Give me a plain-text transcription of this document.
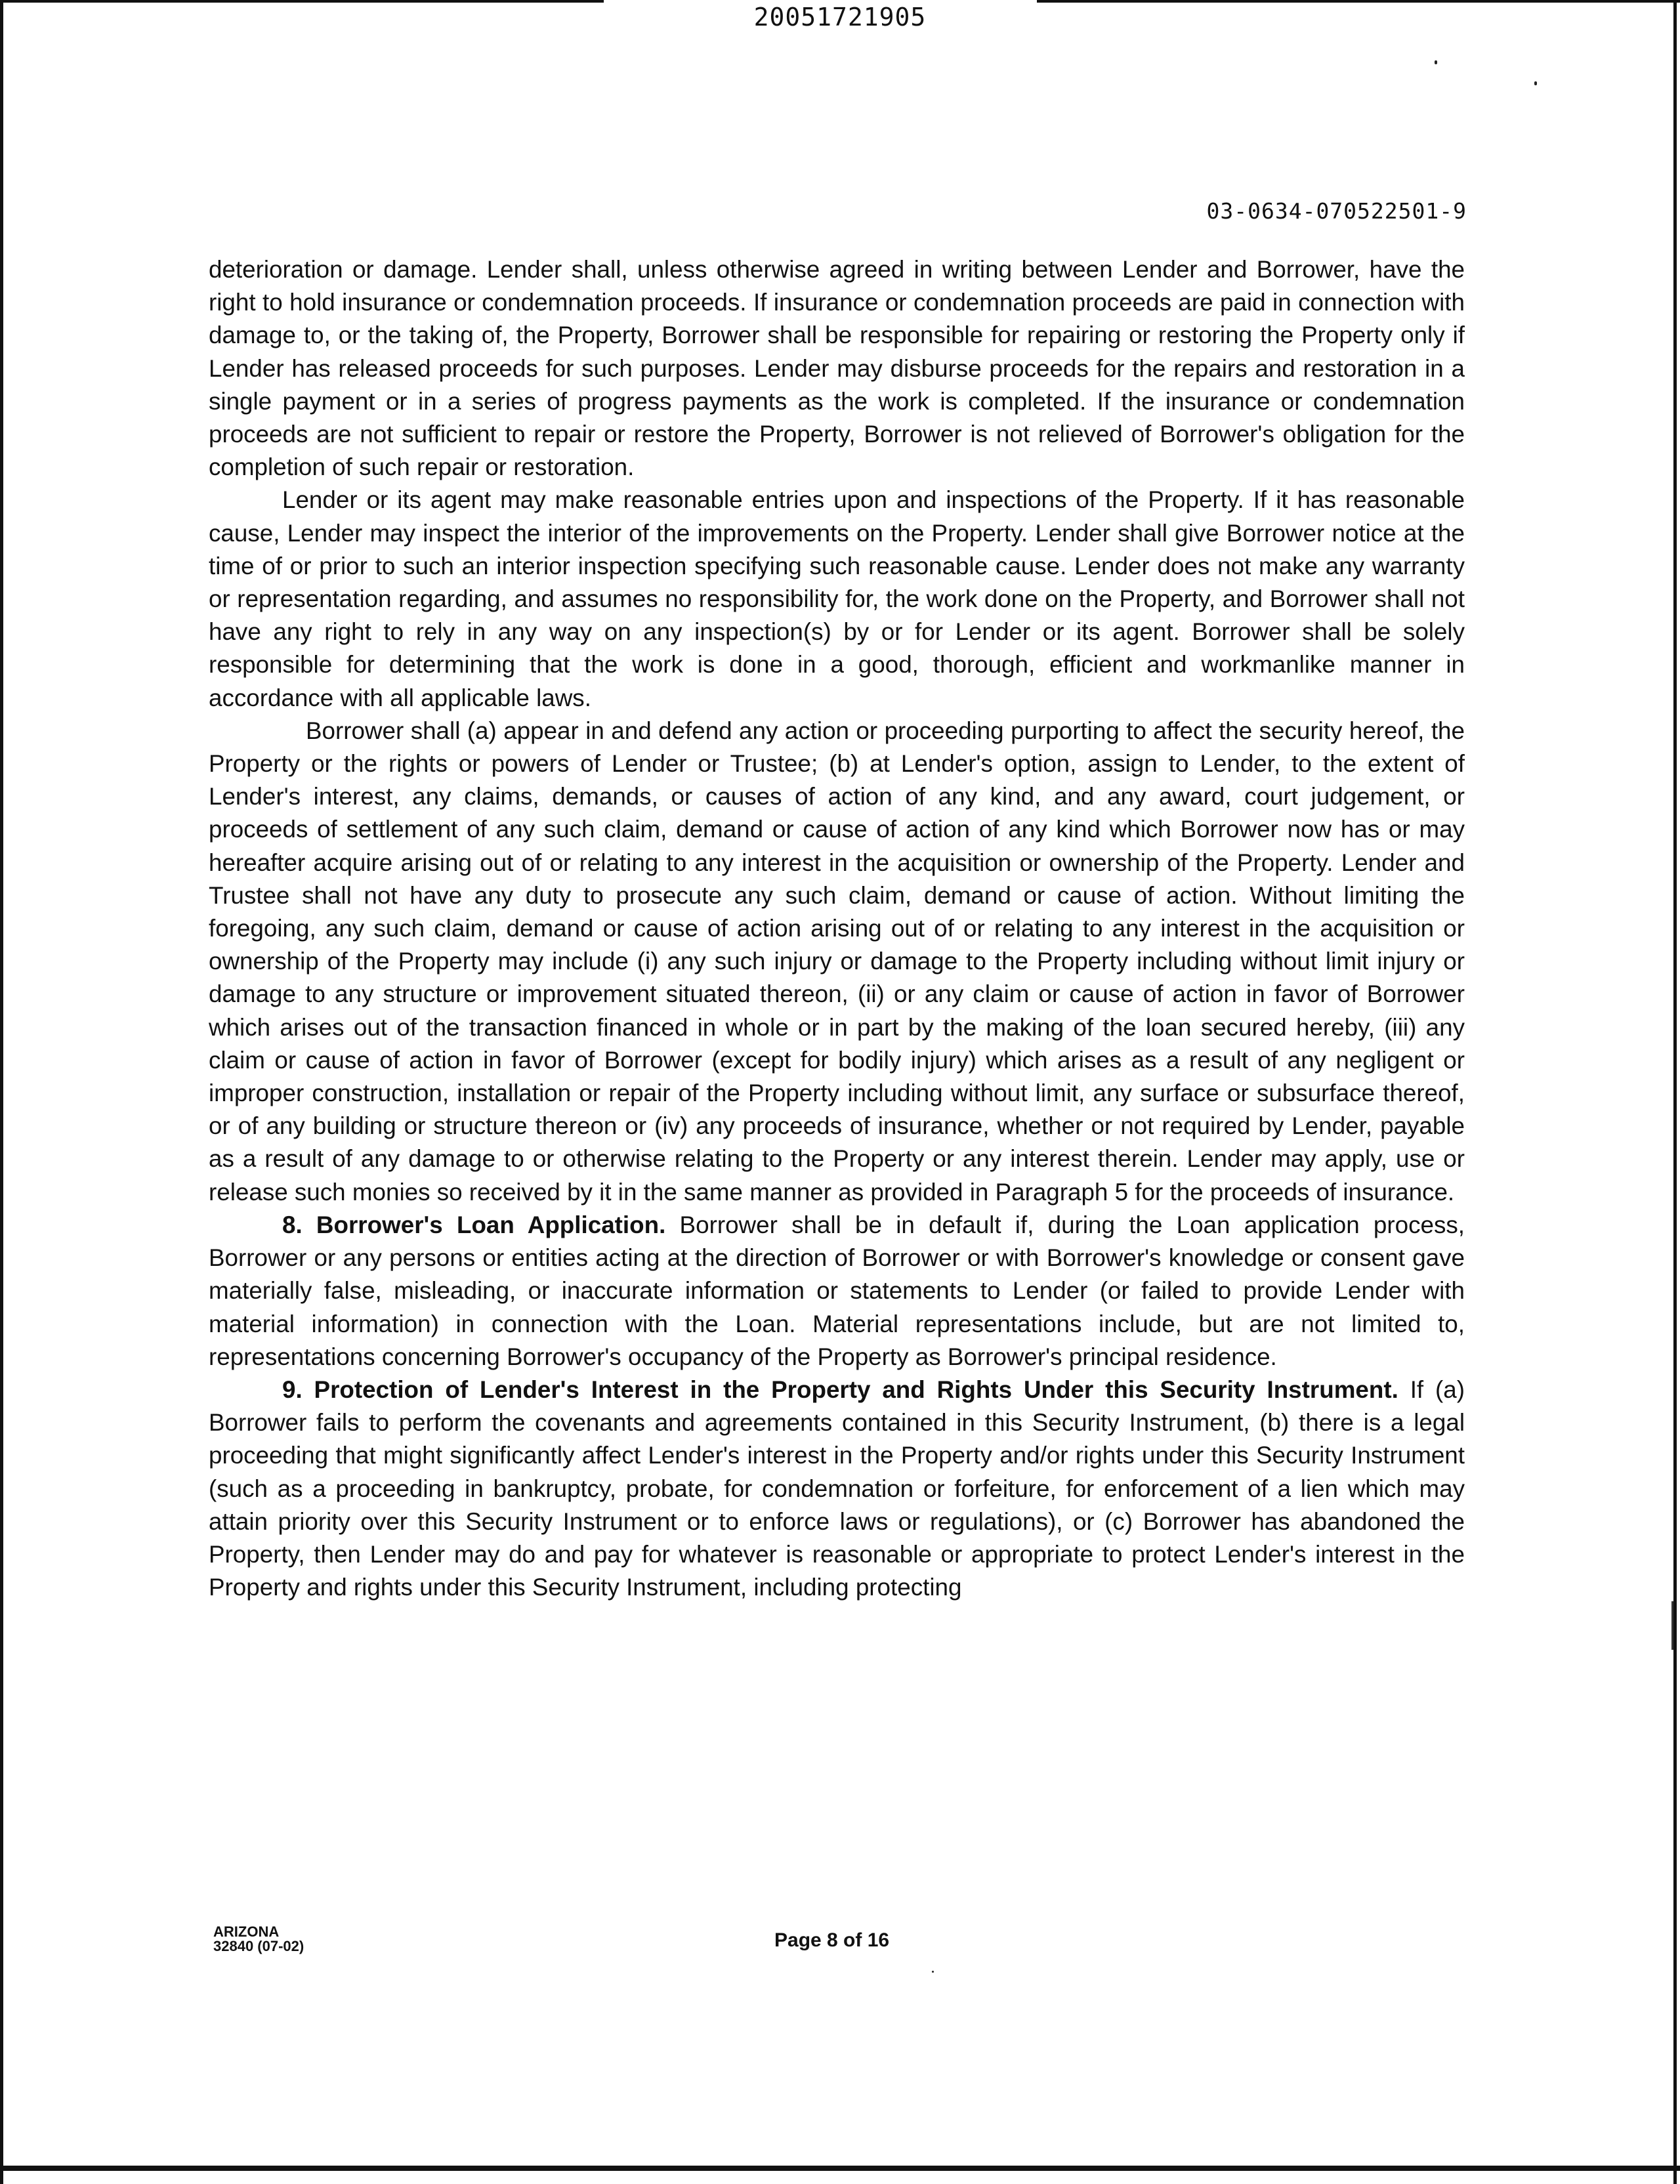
20051721905
03-0634-070522501-9

deterioration or damage. Lender shall, unless otherwise agreed in writing between Lender and Borrower, have the right to hold insurance or condemnation proceeds. If insurance or condemnation proceeds are paid in connection with damage to, or the taking of, the Property, Borrower shall be responsible for repairing or restoring the Property only if Lender has released proceeds for such purposes. Lender may disburse proceeds for the repairs and restoration in a single payment or in a series of progress payments as the work is completed. If the insurance or condemnation proceeds are not sufficient to repair or restore the Property, Borrower is not relieved of Borrower's obligation for the completion of such repair or restoration.

Lender or its agent may make reasonable entries upon and inspections of the Property. If it has reasonable cause, Lender may inspect the interior of the improvements on the Property. Lender shall give Borrower notice at the time of or prior to such an interior inspection specifying such reasonable cause. Lender does not make any warranty or representation regarding, and assumes no responsibility for, the work done on the Property, and Borrower shall not have any right to rely in any way on any inspection(s) by or for Lender or its agent. Borrower shall be solely responsible for determining that the work is done in a good, thorough, efficient and workmanlike manner in accordance with all applicable laws.

Borrower shall (a) appear in and defend any action or proceeding purporting to affect the security hereof, the Property or the rights or powers of Lender or Trustee; (b) at Lender's option, assign to Lender, to the extent of Lender's interest, any claims, demands, or causes of action of any kind, and any award, court judgement, or proceeds of settlement of any such claim, demand or cause of action of any kind which Borrower now has or may hereafter acquire arising out of or relating to any interest in the acquisition or ownership of the Property. Lender and Trustee shall not have any duty to prosecute any such claim, demand or cause of action. Without limiting the foregoing, any such claim, demand or cause of action arising out of or relating to any interest in the acquisition or ownership of the Property may include (i) any such injury or damage to the Property including without limit injury or damage to any structure or improvement situated thereon, (ii) or any claim or cause of action in favor of Borrower which arises out of the transaction financed in whole or in part by the making of the loan secured hereby, (iii) any claim or cause of action in favor of Borrower (except for bodily injury) which arises as a result of any negligent or improper construction, installation or repair of the Property including without limit, any surface or subsurface thereof, or of any building or structure thereon or (iv) any proceeds of insurance, whether or not required by Lender, payable as a result of any damage to or otherwise relating to the Property or any interest therein. Lender may apply, use or release such monies so received by it in the same manner as provided in Paragraph 5 for the proceeds of insurance.

8. Borrower's Loan Application. Borrower shall be in default if, during the Loan application process, Borrower or any persons or entities acting at the direction of Borrower or with Borrower's knowledge or consent gave materially false, misleading, or inaccurate information or statements to Lender (or failed to provide Lender with material information) in connection with the Loan. Material representations include, but are not limited to, representations concerning Borrower's occupancy of the Property as Borrower's principal residence.

9. Protection of Lender's Interest in the Property and Rights Under this Security Instrument. If (a) Borrower fails to perform the covenants and agreements contained in this Security Instrument, (b) there is a legal proceeding that might significantly affect Lender's interest in the Property and/or rights under this Security Instrument (such as a proceeding in bankruptcy, probate, for condemnation or forfeiture, for enforcement of a lien which may attain priority over this Security Instrument or to enforce laws or regulations), or (c) Borrower has abandoned the Property, then Lender may do and pay for whatever is reasonable or appropriate to protect Lender's interest in the Property and rights under this Security Instrument, including protecting

ARIZONA
32840 (07-02)	Page 8 of 16
